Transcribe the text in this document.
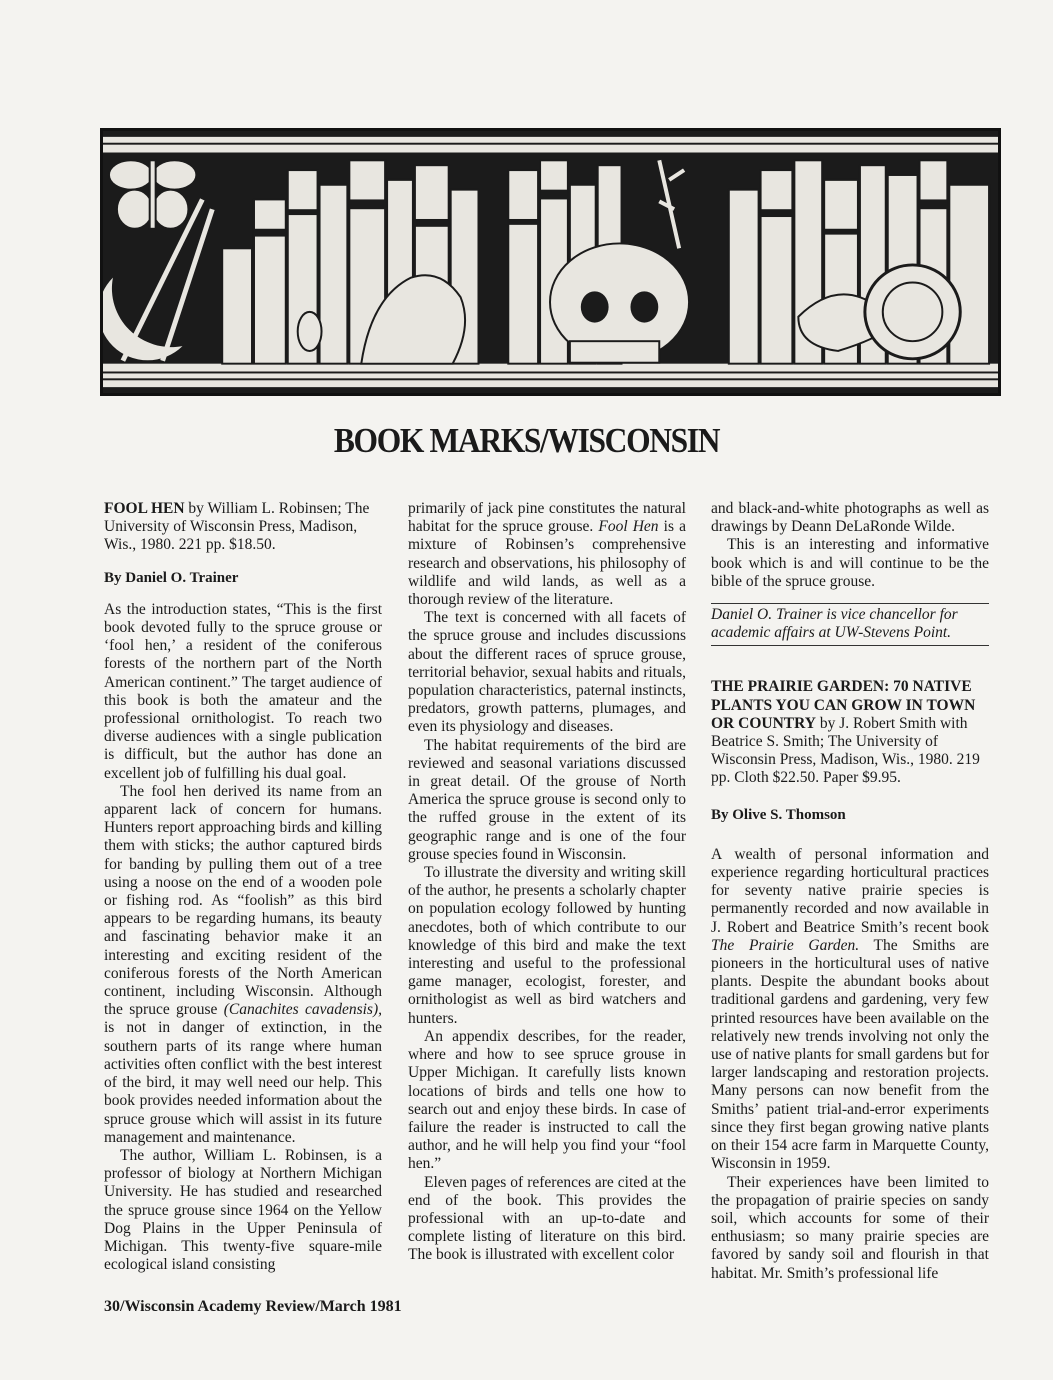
BOOK MARKS/WISCONSIN

FOOL HEN by William L. Robinsen; The University of Wisconsin Press, Madison, Wis., 1980. 221 pp. $18.50.

By Daniel O. Trainer

As the introduction states, “This is the first book devoted fully to the spruce grouse or ‘fool hen,’ a resident of the coniferous forests of the northern part of the North American continent.” The target audience of this book is both the amateur and the professional ornithologist. To reach two diverse audiences with a single publication is difficult, but the author has done an excellent job of fulfilling his dual goal.

The fool hen derived its name from an apparent lack of concern for humans. Hunters report approaching birds and killing them with sticks; the author captured birds for banding by pulling them out of a tree using a noose on the end of a wooden pole or fishing rod. As “foolish” as this bird appears to be regarding humans, its beauty and fascinating behavior make it an interesting and exciting resident of the coniferous forests of the North American continent, including Wisconsin. Although the spruce grouse (Canachites cavadensis), is not in danger of extinction, in the southern parts of its range where human activities often conflict with the best interest of the bird, it may well need our help. This book provides needed information about the spruce grouse which will assist in its future management and maintenance.

The author, William L. Robinsen, is a professor of biology at Northern Michigan University. He has studied and researched the spruce grouse since 1964 on the Yellow Dog Plains in the Upper Peninsula of Michigan. This twenty-five square-mile ecological island consisting

primarily of jack pine constitutes the natural habitat for the spruce grouse. Fool Hen is a mixture of Robinsen’s comprehensive research and observations, his philosophy of wildlife and wild lands, as well as a thorough review of the literature.

The text is concerned with all facets of the spruce grouse and includes discussions about the different races of spruce grouse, territorial behavior, sexual habits and rituals, population characteristics, paternal instincts, predators, growth patterns, plumages, and even its physiology and diseases.

The habitat requirements of the bird are reviewed and seasonal variations discussed in great detail. Of the grouse of North America the spruce grouse is second only to the ruffed grouse in the extent of its geographic range and is one of the four grouse species found in Wisconsin.

To illustrate the diversity and writing skill of the author, he presents a scholarly chapter on population ecology followed by hunting anecdotes, both of which contribute to our knowledge of this bird and make the text interesting and useful to the professional game manager, ecologist, forester, and ornithologist as well as bird watchers and hunters.

An appendix describes, for the reader, where and how to see spruce grouse in Upper Michigan. It carefully lists known locations of birds and tells one how to search out and enjoy these birds. In case of failure the reader is instructed to call the author, and he will help you find your “fool hen.”

Eleven pages of references are cited at the end of the book. This provides the professional with an up-to-date and complete listing of literature on this bird. The book is illustrated with excellent color

and black-and-white photographs as well as drawings by Deann DeLaRonde Wilde.

This is an interesting and informative book which is and will continue to be the bible of the spruce grouse.

Daniel O. Trainer is vice chancellor for academic affairs at UW-Stevens Point.

THE PRAIRIE GARDEN: 70 NATIVE PLANTS YOU CAN GROW IN TOWN OR COUNTRY by J. Robert Smith with Beatrice S. Smith; The University of Wisconsin Press, Madison, Wis., 1980. 219 pp. Cloth $22.50. Paper $9.95.

By Olive S. Thomson

A wealth of personal information and experience regarding horticultural practices for seventy native prairie species is permanently recorded and now available in J. Robert and Beatrice Smith’s recent book The Prairie Garden. The Smiths are pioneers in the horticultural uses of native plants. Despite the abundant books about traditional gardens and gardening, very few printed resources have been available on the relatively new trends involving not only the use of native plants for small gardens but for larger landscaping and restoration projects. Many persons can now benefit from the Smiths’ patient trial-and-error experiments since they first began growing native plants on their 154 acre farm in Marquette County, Wisconsin in 1959.

Their experiences have been limited to the propagation of prairie species on sandy soil, which accounts for some of their enthusiasm; so many prairie species are favored by sandy soil and flourish in that habitat. Mr. Smith’s professional life

30/Wisconsin Academy Review/March 1981
